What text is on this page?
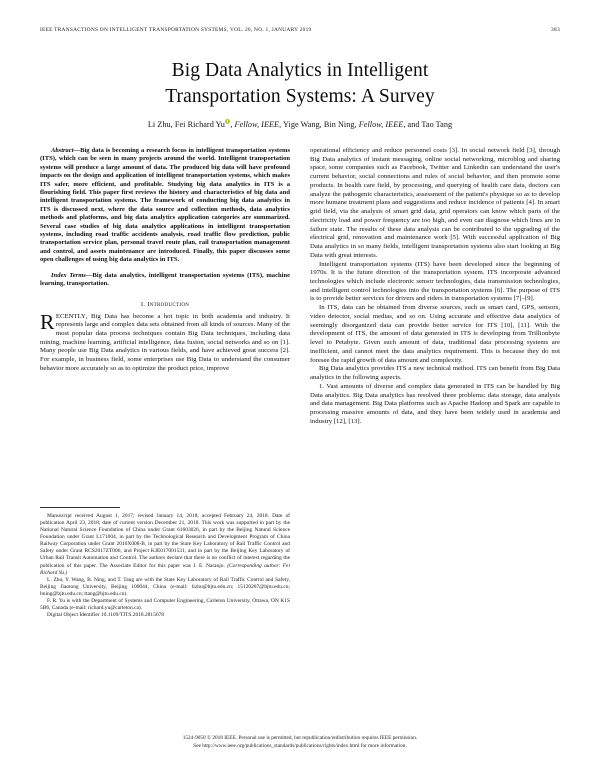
IEEE TRANSACTIONS ON INTELLIGENT TRANSPORTATION SYSTEMS, VOL. 20, NO. 1, JANUARY 2019	383
Big Data Analytics in Intelligent
Transportation Systems: A Survey
Li Zhu, Fei Richard Yu , Fellow, IEEE, Yige Wang, Bin Ning, Fellow, IEEE, and Tao Tang

Abstract—Big data is becoming a research focus in intelligent transportation systems (ITS), which can be seen in many projects around the world. Intelligent transportation systems will produce a large amount of data. The produced big data will have profound impacts on the design and application of intelligent transportation systems, which makes ITS safer, more efficient, and profitable. Studying big data analytics in ITS is a flourishing field. This paper first reviews the history and characteristics of big data and intelligent transportation systems. The framework of conducting big data analytics in ITS is discussed next, where the data source and collection methods, data analytics methods and platforms, and big data analytics application categories are summarized. Several case studies of big data analytics applications in intelligent transportation systems, including road traffic accidents analysis, road traffic flow prediction, public transportation service plan, personal travel route plan, rail transportation management and control, and assets maintenance are introduced. Finally, this paper discusses some open challenges of using big data analytics in ITS.

Index Terms—Big data analytics, intelligent transportation systems (ITS), machine learning, transportation.

I. Introduction

RECENTLY, Big Data has become a hot topic in both academia and industry. It represents large and complex data sets obtained from all kinds of sources. Many of the most popular data process techniques contain Big Data techniques, including data mining, machine learning, artificial intelligence, data fusion, social networks and so on [1]. Many people use Big Data analytics in various fields, and have achieved great success [2]. For example, in business field, some enterprises use Big Data to understand the consumer behavior more accurately so as to optimize the product price, improve

Manuscript received August 1, 2017; revised January 14, 2018; accepted February 24, 2018. Date of publication April 23, 2018; date of current version December 21, 2018. This work was supported in part by the National Natural Science Foundation of China under Grant 61603026, in part by the Beijing Natural Science Foundation under Grant L171004, in part by the Technological Research and Development Program of China Railway Corporation under Grant 2016X008-B, in part by the State Key Laboratory of Rail Traffic Control and Safety under Grant RCS2017ZT006, and Project KJE017001531, and in part by the Beijing Key Laboratory of Urban Rail Transit Automation and Control. The authors declare that there is no conflict of interest regarding the publication of this paper. The Associate Editor for this paper was J. E. Naranjo. (Corresponding author: Fei Richard Yu.)

L. Zhu, Y. Wang, B. Ning, and T. Tang are with the State Key Laboratory of Rail Traffic Control and Safety, Beijing Jiaotong University, Beijing 100044, China (e-mail: lizhu@bjtu.edu.cn; 15120287@bjtu.edu.cn; bning@bjtu.edu.cn; ttang@bjtu.edu.cn).

F. R. Yu is with the Department of Systems and Computer Engineering, Carleton University, Ottawa, ON K1S 5B6, Canada (e-mail: richard.yu@carleton.ca).

Digital Object Identifier 10.1109/TITS.2018.2815678

operational efficiency and reduce personnel costs [3]. In social network field [3], through Big Data analytics of instant messaging, online social networking, microblog and sharing space, some companies such as Facebook, Twitter and Linkedin can understand the user's current behavior, social connections and rules of social behavior, and then promote some products. In health care field, by processing, and querying of health care data, doctors can analyze the pathogenic characteristics, assessment of the patient's physique so as to develop more humane treatment plans and suggestions and reduce incidence of patients [4]. In smart grid field, via the analysis of smart grid data, grid operators can know which parts of the electricity load and power frequency are too high, and even can diagnose which lines are in failure state. The results of these data analysis can be contributed to the upgrading of the electrical grid, renovation and maintenance work [5]. With successful application of Big Data analytics in so many fields, intelligent transportation systems also start looking at Big Data with great interests.

Intelligent transportation systems (ITS) have been developed since the beginning of 1970s. It is the future direction of the transportation system. ITS incorporate advanced technologies which include electronic sensor technologies, data transmission technologies, and intelligent control technologies into the transportation systems [6]. The purpose of ITS is to provide better services for drivers and riders in transportation systems [7]–[9].

In ITS, data can be obtained from diverse sources, such as smart card, GPS, sensors, video detector, social medias, and so on. Using accurate and effective data analytics of seemingly disorganized data can provide better service for ITS [10], [11]. With the development of ITS, the amount of data generated in ITS is developing from Trillionbyte level to Petabyte. Given such amount of data, traditional data processing systems are inefficient, and cannot meet the data analytics requirement. This is because they do not foresee the rapid growth of data amount and complexity.

Big Data analytics provides ITS a new technical method. ITS can benefit from Big Data analytics in the following aspects.

1. Vast amounts of diverse and complex data generated in ITS can be handled by Big Data analytics. Big Data analytics has resolved three problems: data storage, data analysis and data management. Big Data platforms such as Apache Hadoop and Spark are capable to processing massive amounts of data, and they have been widely used in academia and industry [12], [13].

1524-9050 © 2018 IEEE. Personal use is permitted, but republication/redistribution requires IEEE permission.
See http://www.ieee.org/publications_standards/publications/rights/index.html for more information.
